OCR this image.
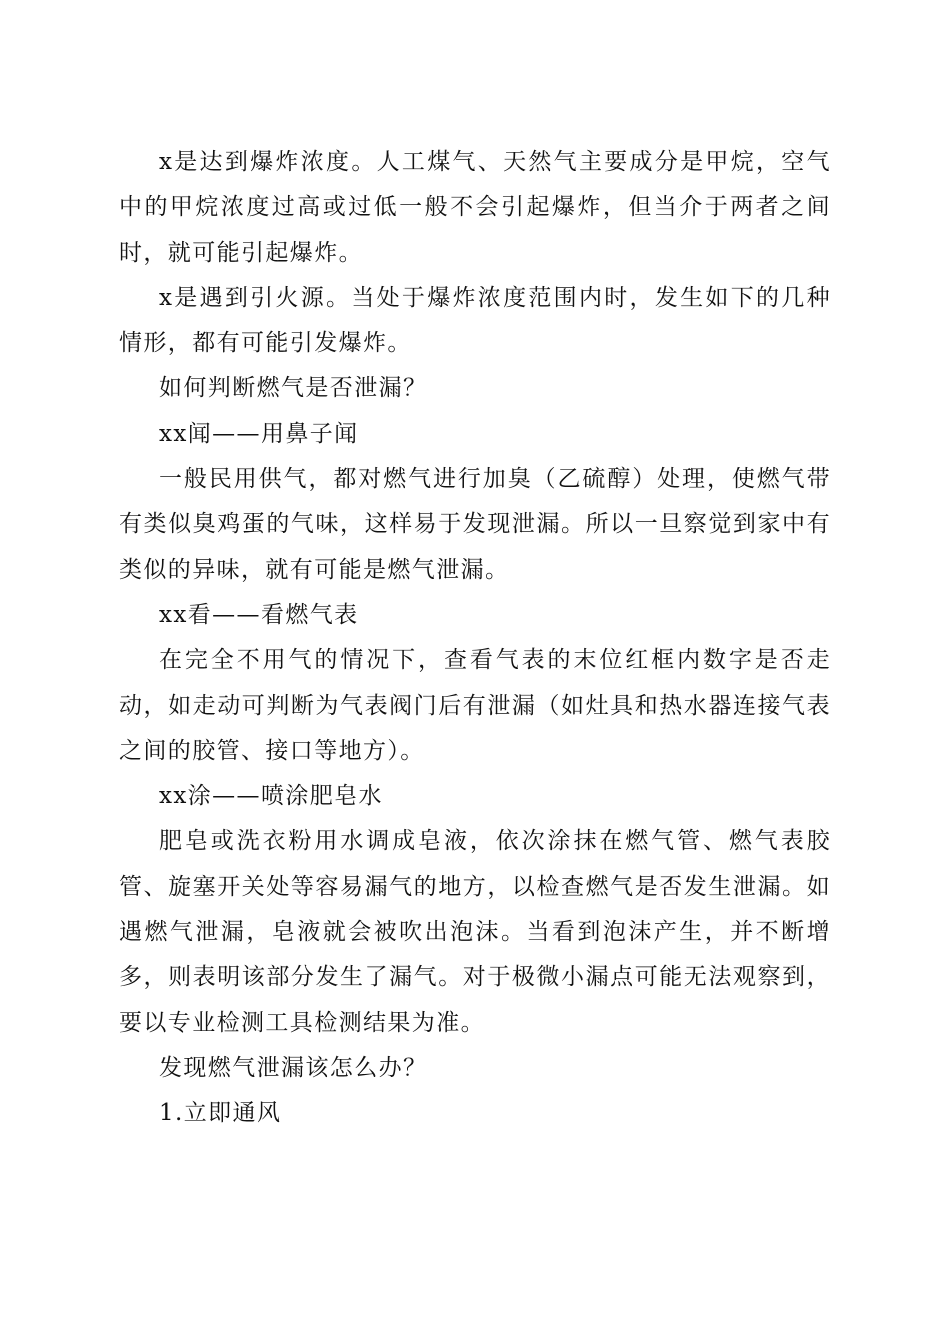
x是达到爆炸浓度。人工煤气、天然气主要成分是甲烷，空气中的甲烷浓度过高或过低一般不会引起爆炸，但当介于两者之间时，就可能引起爆炸。

x是遇到引火源。当处于爆炸浓度范围内时，发生如下的几种情形，都有可能引发爆炸。

如何判断燃气是否泄漏？

xx闻——用鼻子闻

一般民用供气，都对燃气进行加臭（乙硫醇）处理，使燃气带有类似臭鸡蛋的气味，这样易于发现泄漏。所以一旦察觉到家中有类似的异味，就有可能是燃气泄漏。

xx看——看燃气表

在完全不用气的情况下，查看气表的末位红框内数字是否走动，如走动可判断为气表阀门后有泄漏（如灶具和热水器连接气表之间的胶管、接口等地方）。

xx涂——喷涂肥皂水

肥皂或洗衣粉用水调成皂液，依次涂抹在燃气管、燃气表胶管、旋塞开关处等容易漏气的地方，以检查燃气是否发生泄漏。如遇燃气泄漏，皂液就会被吹出泡沫。当看到泡沫产生，并不断增多，则表明该部分发生了漏气。对于极微小漏点可能无法观察到，要以专业检测工具检测结果为准。

发现燃气泄漏该怎么办？

1.立即通风
